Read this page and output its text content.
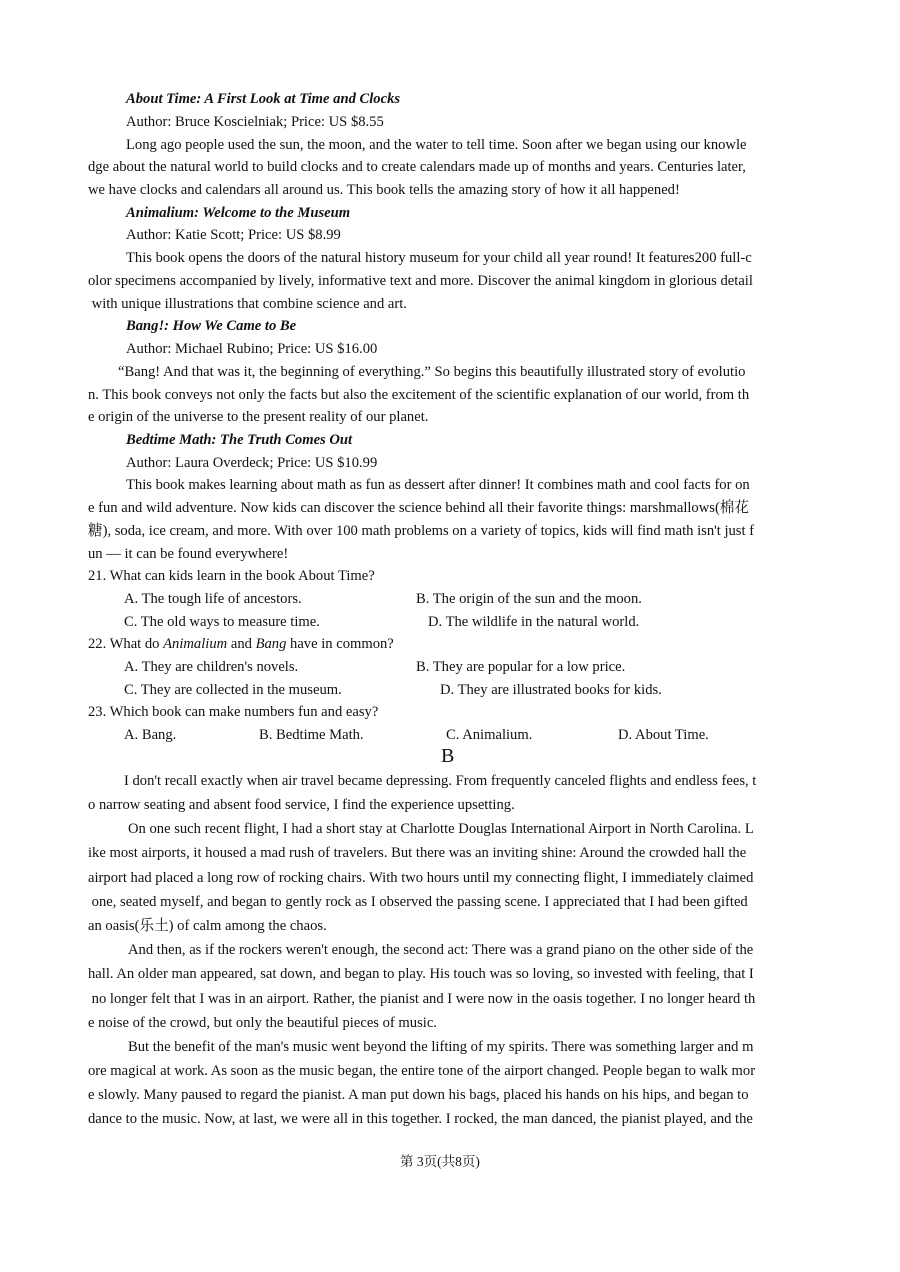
About Time: A First Look at Time and Clocks
Author: Bruce Koscielniak; Price: US $8.55
Long ago people used the sun, the moon, and the water to tell time. Soon after we began using our knowle
dge about the natural world to build clocks and to create calendars made up of months and years. Centuries later,
we have clocks and calendars all around us. This book tells the amazing story of how it all happened!
Animalium: Welcome to the Museum
Author: Katie Scott; Price: US $8.99
This book opens the doors of the natural history museum for your child all year round! It features200 full-c
olor specimens accompanied by lively, informative text and more. Discover the animal kingdom in glorious detail
with unique illustrations that combine science and art.
Bang!: How We Came to Be
Author: Michael Rubino; Price: US $16.00
“Bang! And that was it, the beginning of everything.” So begins this beautifully illustrated story of evolutio
n. This book conveys not only the facts but also the excitement of the scientific explanation of our world, from th
e origin of the universe to the present reality of our planet.
Bedtime Math: The Truth Comes Out
Author: Laura Overdeck; Price: US $10.99
This book makes learning about math as fun as dessert after dinner! It combines math and cool facts for on
e fun and wild adventure. Now kids can discover the science behind all their favorite things: marshmallows(棉花
糖), soda, ice cream, and more. With over 100 math problems on a variety of topics, kids will find math isn't just f
un — it can be found everywhere!
21. What can kids learn in the book About Time?
A. The tough life of ancestors.	B. The origin of the sun and the moon.
C. The old ways to measure time.	D. The wildlife in the natural world.
22. What do Animalium and Bang have in common?
A. They are children's novels.	B. They are popular for a low price.
C. They are collected in the museum.	D. They are illustrated books for kids.
23. Which book can make numbers fun and easy?
A. Bang.	B. Bedtime Math.	C. Animalium.	D. About Time.
B
I don't recall exactly when air travel became depressing. From frequently canceled flights and endless fees, t
o narrow seating and absent food service, I find the experience upsetting.
On one such recent flight, I had a short stay at Charlotte Douglas International Airport in North Carolina. L
ike most airports, it housed a mad rush of travelers. But there was an inviting shine: Around the crowded hall the
airport had placed a long row of rocking chairs. With two hours until my connecting flight, I immediately claimed
one, seated myself, and began to gently rock as I observed the passing scene. I appreciated that I had been gifted
an oasis(乐土) of calm among the chaos.
And then, as if the rockers weren't enough, the second act: There was a grand piano on the other side of the
hall. An older man appeared, sat down, and began to play. His touch was so loving, so invested with feeling, that I
no longer felt that I was in an airport. Rather, the pianist and I were now in the oasis together. I no longer heard th
e noise of the crowd, but only the beautiful pieces of music.
But the benefit of the man's music went beyond the lifting of my spirits. There was something larger and m
ore magical at work. As soon as the music began, the entire tone of the airport changed. People began to walk mor
e slowly. Many paused to regard the pianist. A man put down his bags, placed his hands on his hips, and began to
dance to the music. Now, at last, we were all in this together. I rocked, the man danced, the pianist played, and the
第 3页(共8页)
